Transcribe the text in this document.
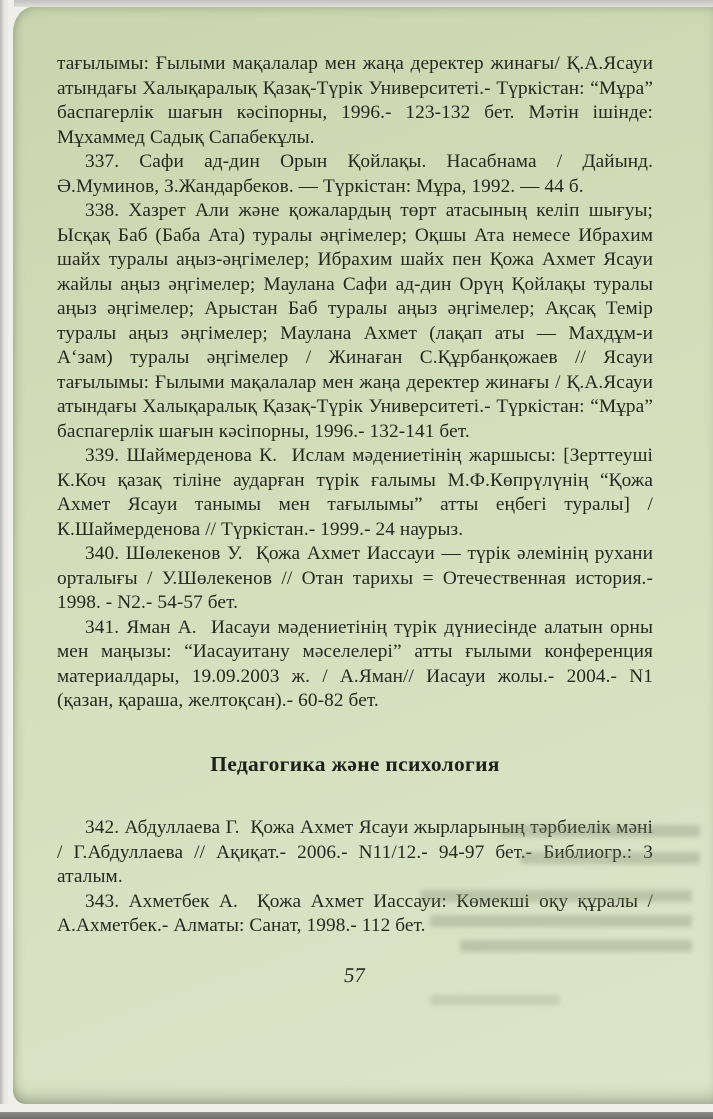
тағылымы: Ғылыми мақалалар мен жаңа деректер жинағы/ Қ.А.Ясауи атындағы Халықаралық Қазақ-Түрік Университеті.- Түркістан: “Мұра” баспагерлік шағын кәсіпорны, 1996.- 123-132 бет. Мәтін ішінде: Мұхаммед Садық Сапабекұлы.

337. Сафи ад-дин Орын Қойлақы. Насабнама / Дайынд. Ә.Муминов, З.Жандарбеков. — Түркістан: Мұра, 1992. — 44 б.

338. Хазрет Али және қожалардың төрт атасының келіп шығуы; Ысқақ Баб (Баба Ата) туралы әңгімелер; Оқшы Ата немесе Ибрахим шайх туралы аңыз-әңгімелер; Ибрахим шайх пен Қожа Ахмет Ясауи жайлы аңыз әңгімелер; Маулана Сафи ад-дин Орүң Қойлақы туралы аңыз әңгімелер; Арыстан Баб туралы аңыз әңгімелер; Ақсақ Темір туралы аңыз әңгімелер; Маулана Ахмет (лақап аты — Махдұм-и А‘зам) туралы әңгімелер / Жинаған С.Құрбанқожаев // Ясауи тағылымы: Ғылыми мақалалар мен жаңа деректер жинағы / Қ.А.Ясауи атындағы Халықаралық Қазақ-Түрік Университеті.- Түркістан: “Мұра” баспагерлік шағын кәсіпорны, 1996.- 132-141 бет.

339. Шаймерденова К.  Ислам мәдениетінің жаршысы: [Зерттеуші К.Коч қазақ тіліне аударған түрік ғалымы М.Ф.Көпрүлүнің “Қожа Ахмет Ясауи танымы мен тағылымы” атты еңбегі туралы] / К.Шаймерденова // Түркістан.- 1999.- 24 наурыз.

340. Шөлекенов У.  Қожа Ахмет Иассауи — түрік әлемінің рухани орталығы / У.Шөлекенов // Отан тарихы = Отечественная история.- 1998. - N2.- 54-57 бет.

341. Яман А.  Иасауи мәдениетінің түрік дүниесінде алатын орны мен маңызы: “Иасауитану мәселелері” атты ғылыми конференция материалдары, 19.09.2003 ж. / А.Яман// Иасауи жолы.- 2004.- N1 (қазан, қараша, желтоқсан).- 60-82 бет.

Педагогика және психология

342. Абдуллаева Г.  Қожа Ахмет Ясауи жырларының тәрбиелік мәні / Г.Абдуллаева // Ақиқат.- 2006.- N11/12.- 94-97 бет.- Библиогр.: 3 аталым.

343. Ахметбек А.  Қожа Ахмет Иассауи: Көмекші оқу құралы / А.Ахметбек.- Алматы: Санат, 1998.- 112 бет.

57
